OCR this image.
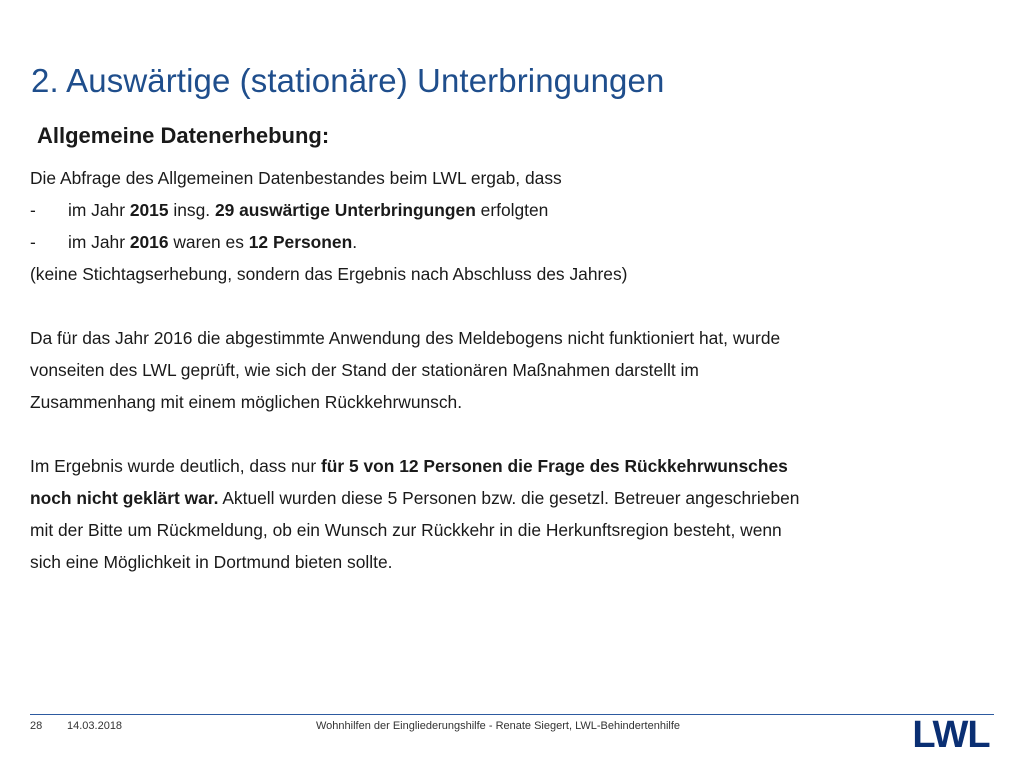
2. Auswärtige (stationäre) Unterbringungen
Allgemeine Datenerhebung:
Die Abfrage des Allgemeinen Datenbestandes beim LWL ergab, dass
- im Jahr 2015 insg. 29 auswärtige Unterbringungen erfolgten
- im Jahr 2016 waren es 12 Personen.
(keine Stichtagserhebung, sondern das Ergebnis nach Abschluss des Jahres)
Da für das Jahr 2016 die abgestimmte Anwendung des Meldebogens nicht funktioniert hat, wurde
vonseiten des LWL geprüft, wie sich der Stand der stationären Maßnahmen darstellt im
Zusammenhang mit einem möglichen Rückkehrwunsch.
Im Ergebnis wurde deutlich, dass nur für 5 von 12 Personen die Frage des Rückkehrwunsches
noch nicht geklärt war. Aktuell wurden diese 5 Personen bzw. die gesetzl. Betreuer angeschrieben
mit der Bitte um Rückmeldung, ob ein Wunsch zur Rückkehr in die Herkunftsregion besteht, wenn
sich eine Möglichkeit in Dortmund bieten sollte.
28 14.03.2018	Wohnhilfen der Eingliederungshilfe - Renate Siegert, LWL-Behindertenhilfe	LWL
